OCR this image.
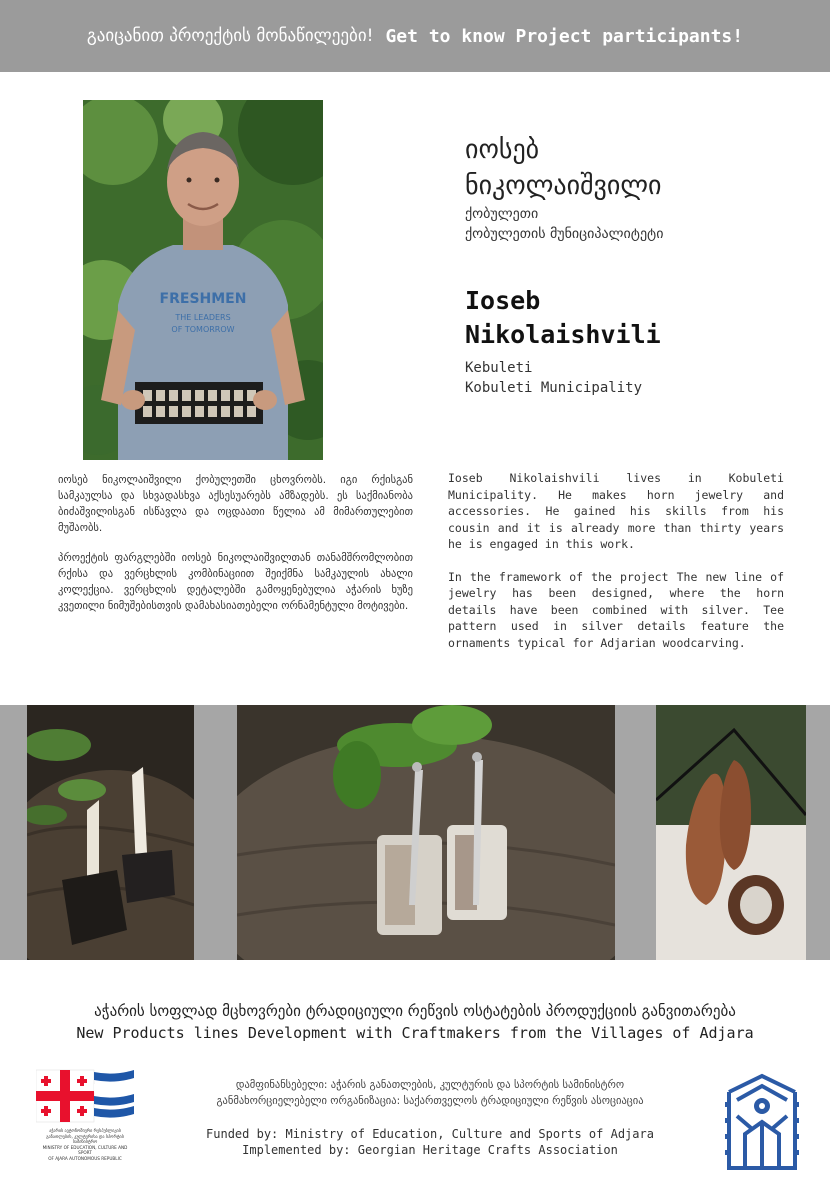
გაიცანით პროექტის მონაწილეები! Get to know Project participants!
FRESHMEN
THE LEADERS
OF TOMORROW
იოსებ
ნიკოლაიშვილი
ქობულეთი
ქობულეთის მუნიციპალიტეტი
Ioseb
Nikolaishvili
Kebuleti
Kobuleti Municipality

იოსებ ნიკოლაიშვილი ქობულეთში ცხოვრობს. იგი რქისგან სამკაულსა და სხვადასხვა აქსესუარებს ამზადებს. ეს საქმიანობა ბიძაშვილისგან ისწავლა და ოცდაათი წელია ამ მიმართულებით მუშაობს.

პროექტის ფარგლებში იოსებ ნიკოლაიშვილთან თანამშრომლობით რქისა და ვერცხლის კომბინაციით შეიქმნა სამკაულის ახალი კოლექცია. ვერცხლის დეტალებში გამოყენებულია აჭარის ხუზე კვეთილი ნიმუშებისთვის დამახასიათებელი ორნამენტული მოტივები.

Ioseb Nikolaishvili lives in Kobuleti Municipality. He makes horn jewelry and accessories. He gained his skills from his cousin and it is already more than thirty years he is engaged in this work.

In the framework of the project The new line of jewelry has been designed, where the horn details have been combined with silver. Tee pattern used in silver details feature the ornaments typical for Adjarian woodcarving.

აჭარის სოფლად მცხოვრები ტრადიციული რეწვის ოსტატების პროდუქციის განვითარება
New Products lines Development with Craftmakers from the Villages of Adjara
აჭარის ავტონომიური რესპუბლიკის
განათლების, კულტურისა და სპორტის სამინისტრო
MINISTRY OF EDUCATION, CULTURE AND SPORT
OF AJARA AUTONOMOUS REPUBLIC
დამფინანსებელი: აჭარის განათლების, კულტურის და სპორტის სამინისტრო
განმახორციელებელი ორგანიზაცია: საქართველოს ტრადიციული რეწვის ასოციაცია
Funded by: Ministry of Education, Culture and Sports of Adjara
Implemented by: Georgian Heritage Crafts Association
